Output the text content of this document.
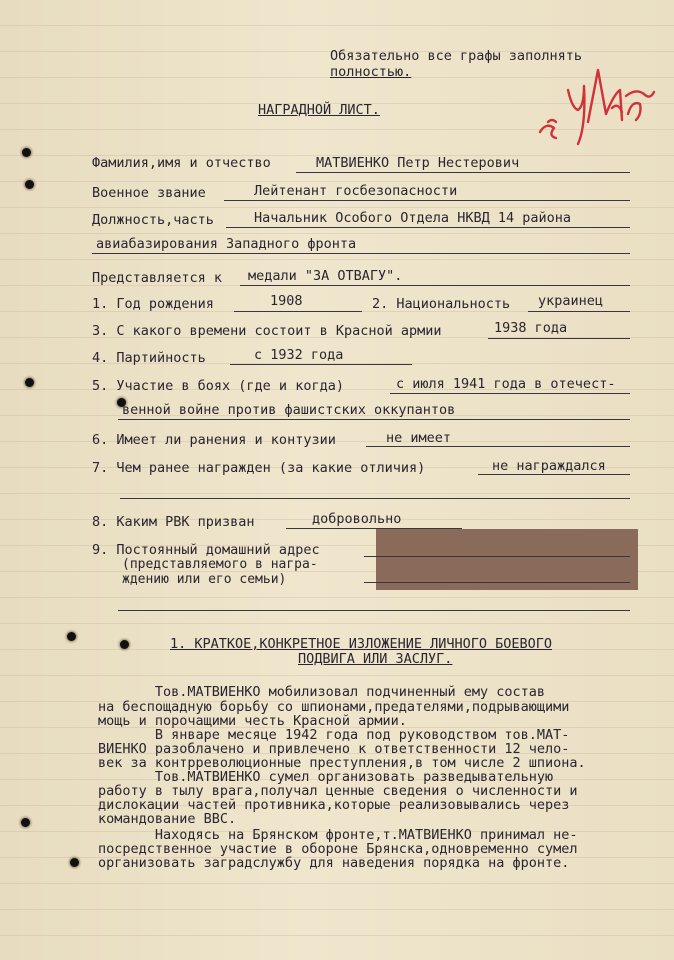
Обязательно все графы заполнять
полностью.
НАГРАДНОЙ ЛИСТ.
Фамилия,имя и отчество	МАТВИЕНКО Петр Нестерович
Военное звание	Лейтенант госбезопасности
Должность,часть	Начальник Особого Отдела НКВД 14 района
авиабазирования Западного фронта
Представляется к медали "ЗА ОТВАГУ".
1. Год рождения	1908	2. Национальность украинец
3. С какого времени состоит в Красной армии	1938 года
4. Партийность	с 1932 года
5. Участие в боях (где и когда)	с июля 1941 года в отечест-
венной войне против фашистских оккупантов
6. Имеет ли ранения и контузии	не имеет
7. Чем ранее награжден (за какие отличия)	не награждался
8. Каким РВК призван	добровольно
9. Постоянный домашний адрес
(представляемого в награ-
ждению или его семьи)
1. КРАТКОЕ,КОНКРЕТНОЕ ИЗЛОЖЕНИЕ ЛИЧНОГО БОЕВОГО
ПОДВИГА ИЛИ ЗАСЛУГ.
Тов.МАТВИЕНКО мобилизовал подчиненный ему состав
на беспощадную борьбу со шпионами,предателями,подрывающими
мощь и порочащими честь Красной армии.
В январе месяце 1942 года под руководством тов.МАТ-
ВИЕНКО разоблачено и привлечено к ответственности 12 чело-
век за контрреволюционные преступления,в том числе 2 шпиона.
Тов.МАТВИЕНКО сумел организовать разведывательную
работу в тылу врага,получал ценные сведения о численности и
дислокации частей противника,которые реализовывались через
командование ВВС.
Находясь на Брянском фронте,т.МАТВИЕНКО принимал не-
посредственное участие в обороне Брянска,одновременно сумел
организовать заградслужбу для наведения порядка на фронте.
